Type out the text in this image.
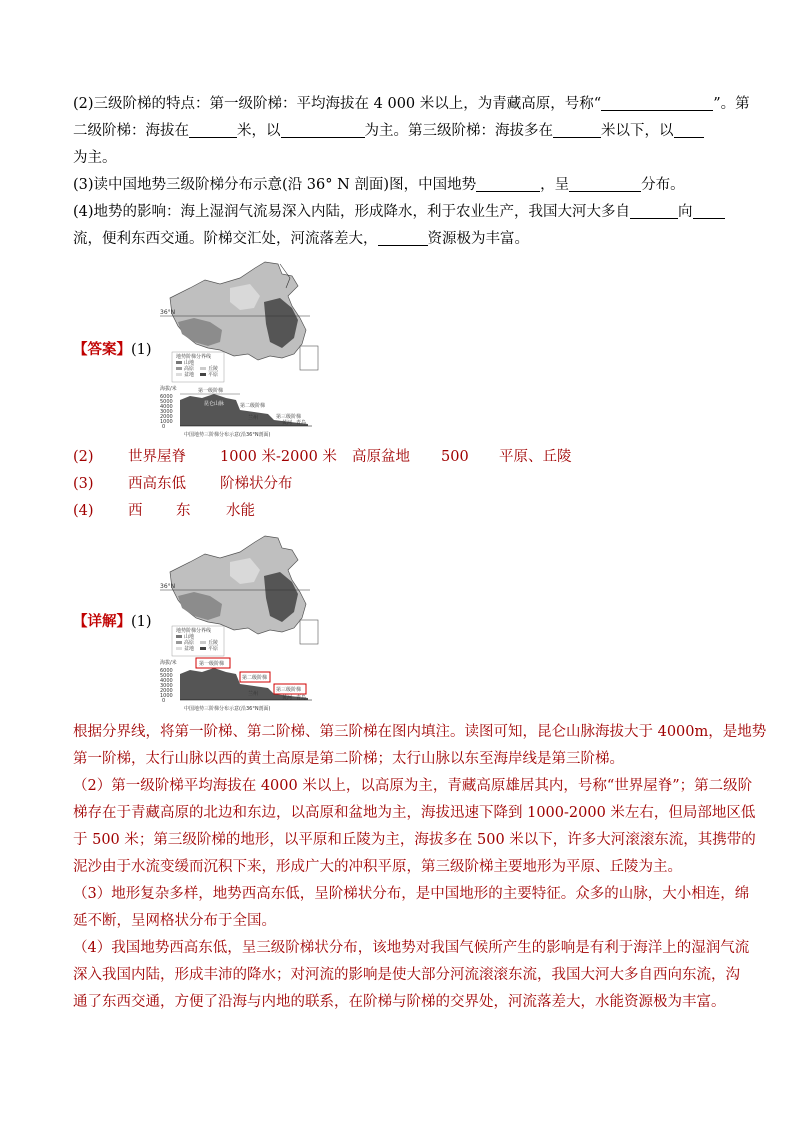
(2)三级阶梯的特点：第一级阶梯：平均海拔在 4 000 米以上，为青藏高原，号称“	”。第
二级阶梯：海拔在	米，以	为主。第三级阶梯：海拔多在	米以下，以
为主。
(3)读中国地势三级阶梯分布示意(沿 36° N 剖面)图，中国地势	，呈	分布。
(4)地势的影响：海上湿润气流易深入内陆，形成降水，利于农业生产，我国大河大多自	向
流，便利东西交通。阶梯交汇处，河流落差大，	资源极为丰富。
【答案】(1)
36°N
地势阶梯分界线
山地
高原	丘陵
盆地	平原
海拔/米
6000
5000
4000
3000
2000
1000
0
第一级阶梯
昆仑山脉	第二级阶梯
第三级阶梯
兰州
黄河 青岛
中国地势三阶梯分布示意(沿36°N剖面)
(2) 世界屋脊 1000 米-2000 米 高原盆地 500 平原、丘陵
(3) 西高东低 阶梯状分布
(4) 西 东 水能
【详解】(1)
36°N
地势阶梯分界线
山地
高原	丘陵
盆地	平原
海拔/米
6000
5000
4000
3000
2000
1000
0
第一级阶梯
第二级阶梯
第三级阶梯
兰州
黄河 青岛
中国地势三阶梯分布示意(沿36°N剖面)
根据分界线，将第一阶梯、第二阶梯、第三阶梯在图内填注。读图可知，昆仑山脉海拔大于 4000m，是地势
第一阶梯，太行山脉以西的黄土高原是第二阶梯；太行山脉以东至海岸线是第三阶梯。
（2）第一级阶梯平均海拔在 4000 米以上，以高原为主，青藏高原雄居其内，号称“世界屋脊”；第二级阶
梯存在于青藏高原的北边和东边，以高原和盆地为主，海拔迅速下降到 1000-2000 米左右，但局部地区低
于 500 米；第三级阶梯的地形，以平原和丘陵为主，海拔多在 500 米以下，许多大河滚滚东流，其携带的
泥沙由于水流变缓而沉积下来，形成广大的冲积平原，第三级阶梯主要地形为平原、丘陵为主。
（3）地形复杂多样，地势西高东低，呈阶梯状分布，是中国地形的主要特征。众多的山脉，大小相连，绵
延不断，呈网格状分布于全国。
（4）我国地势西高东低，呈三级阶梯状分布，该地势对我国气候所产生的影响是有利于海洋上的湿润气流
深入我国内陆，形成丰沛的降水；对河流的影响是使大部分河流滚滚东流，我国大河大多自西向东流，沟
通了东西交通，方便了沿海与内地的联系，在阶梯与阶梯的交界处，河流落差大，水能资源极为丰富。
